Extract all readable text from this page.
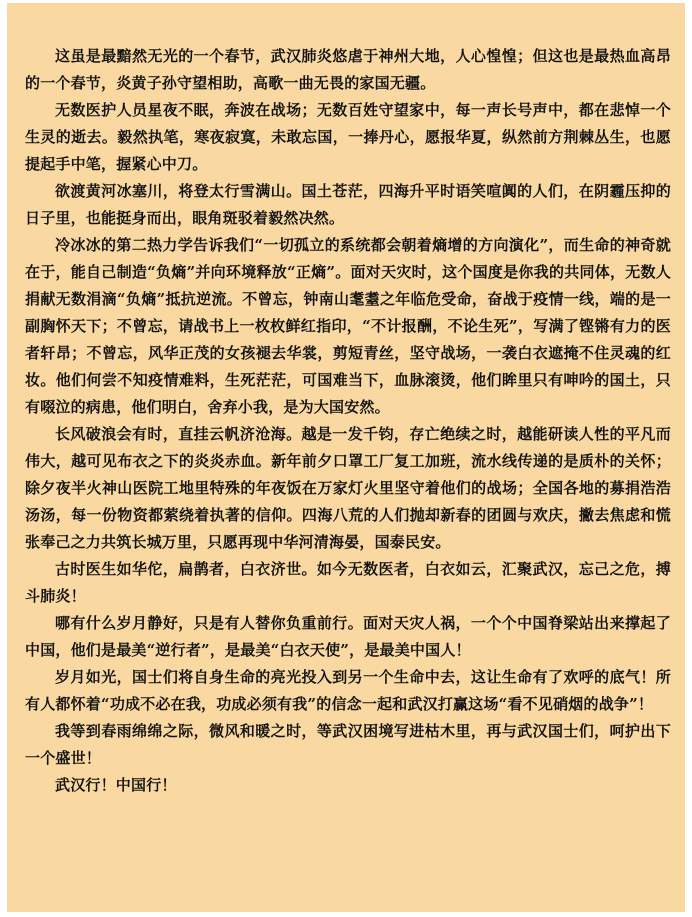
这虽是最黯然无光的一个春节，武汉肺炎悠虐于神州大地，人心惶惶；但这也是最热血高昂的一个春节，炎黄子孙守望相助，高歌一曲无畏的家国无疆。

无数医护人员星夜不眠，奔波在战场；无数百姓守望家中，每一声长号声中，都在悲悼一个生灵的逝去。毅然执笔，寒夜寂寞，未敢忘国，一捧丹心，愿报华夏，纵然前方荆棘丛生，也愿提起手中笔，握紧心中刀。

欲渡黄河冰塞川，将登太行雪满山。国土苍茫，四海升平时语笑喧阗的人们，在阴霾压抑的日子里，也能挺身而出，眼角斑驳着毅然决然。

冷冰冰的第二热力学告诉我们“一切孤立的系统都会朝着熵增的方向演化”，而生命的神奇就在于，能自己制造“负熵”并向环境释放“正熵”。面对天灾时，这个国度是你我的共同体，无数人捐献无数涓滴“负熵”抵抗逆流。不曾忘，钟南山耄耋之年临危受命，奋战于疫情一线，端的是一副胸怀天下；不曾忘，请战书上一枚枚鲜红指印，“不计报酬，不论生死”，写满了铿锵有力的医者轩昂；不曾忘，风华正茂的女孩褪去华裳，剪短青丝，坚守战场，一袭白衣遮掩不住灵魂的红妆。他们何尝不知疫情难料，生死茫茫，可国难当下，血脉滚烫，他们眸里只有呻吟的国土，只有啜泣的病患，他们明白，舍弃小我，是为大国安然。

长风破浪会有时，直挂云帆济沧海。越是一发千钧，存亡绝续之时，越能研读人性的平凡而伟大，越可见布衣之下的炎炎赤血。新年前夕口罩工厂复工加班，流水线传递的是质朴的关怀；除夕夜半火神山医院工地里特殊的年夜饭在万家灯火里坚守着他们的战场；全国各地的募捐浩浩汤汤，每一份物资都萦绕着执著的信仰。四海八荒的人们抛却新春的团圆与欢庆，撇去焦虑和慌张奉己之力共筑长城万里，只愿再现中华河清海晏，国泰民安。

古时医生如华佗，扁鹊者，白衣济世。如今无数医者，白衣如云，汇聚武汉，忘己之危，搏斗肺炎！

哪有什么岁月静好，只是有人替你负重前行。面对天灾人祸，一个个中国脊梁站出来撑起了中国，他们是最美“逆行者”，是最美“白衣天使”，是最美中国人！

岁月如光，国士们将自身生命的亮光投入到另一个生命中去，这让生命有了欢呼的底气！所有人都怀着“功成不必在我，功成必须有我”的信念一起和武汉打赢这场“看不见硝烟的战争”！

我等到春雨绵绵之际，微风和暖之时，等武汉困境写进枯木里，再与武汉国士们，呵护出下一个盛世！

武汉行！中国行！
